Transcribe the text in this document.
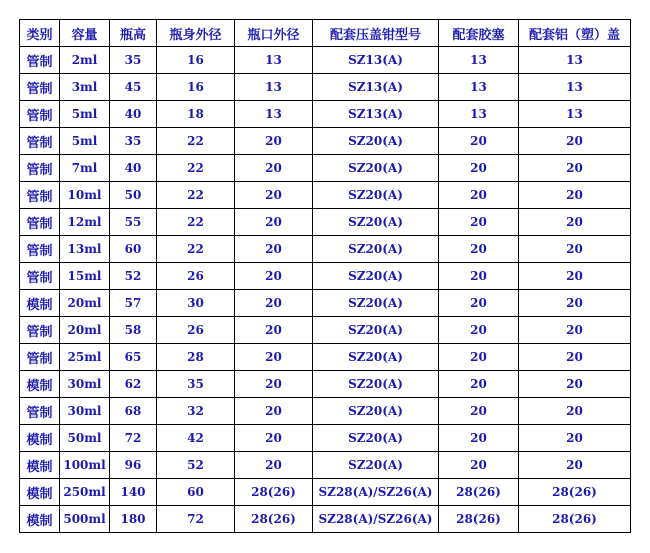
类别	容量	瓶高	瓶身外径	瓶口外径	配套压盖钳型号	配套胶塞	配套铝（塑）盖
管制	2ml	35	16	13	SZ13(A)	13	13
管制	3ml	45	16	13	SZ13(A)	13	13
管制	5ml	40	18	13	SZ13(A)	13	13
管制	5ml	35	22	20	SZ20(A)	20	20
管制	7ml	40	22	20	SZ20(A)	20	20
管制	10ml	50	22	20	SZ20(A)	20	20
管制	12ml	55	22	20	SZ20(A)	20	20
管制	13ml	60	22	20	SZ20(A)	20	20
管制	15ml	52	26	20	SZ20(A)	20	20
模制	20ml	57	30	20	SZ20(A)	20	20
管制	20ml	58	26	20	SZ20(A)	20	20
管制	25ml	65	28	20	SZ20(A)	20	20
模制	30ml	62	35	20	SZ20(A)	20	20
管制	30ml	68	32	20	SZ20(A)	20	20
模制	50ml	72	42	20	SZ20(A)	20	20
模制	100ml	96	52	20	SZ20(A)	20	20
模制	250ml	140	60	28(26)	SZ28(A)/SZ26(A)	28(26)	28(26)
模制	500ml	180	72	28(26)	SZ28(A)/SZ26(A)	28(26)	28(26)
